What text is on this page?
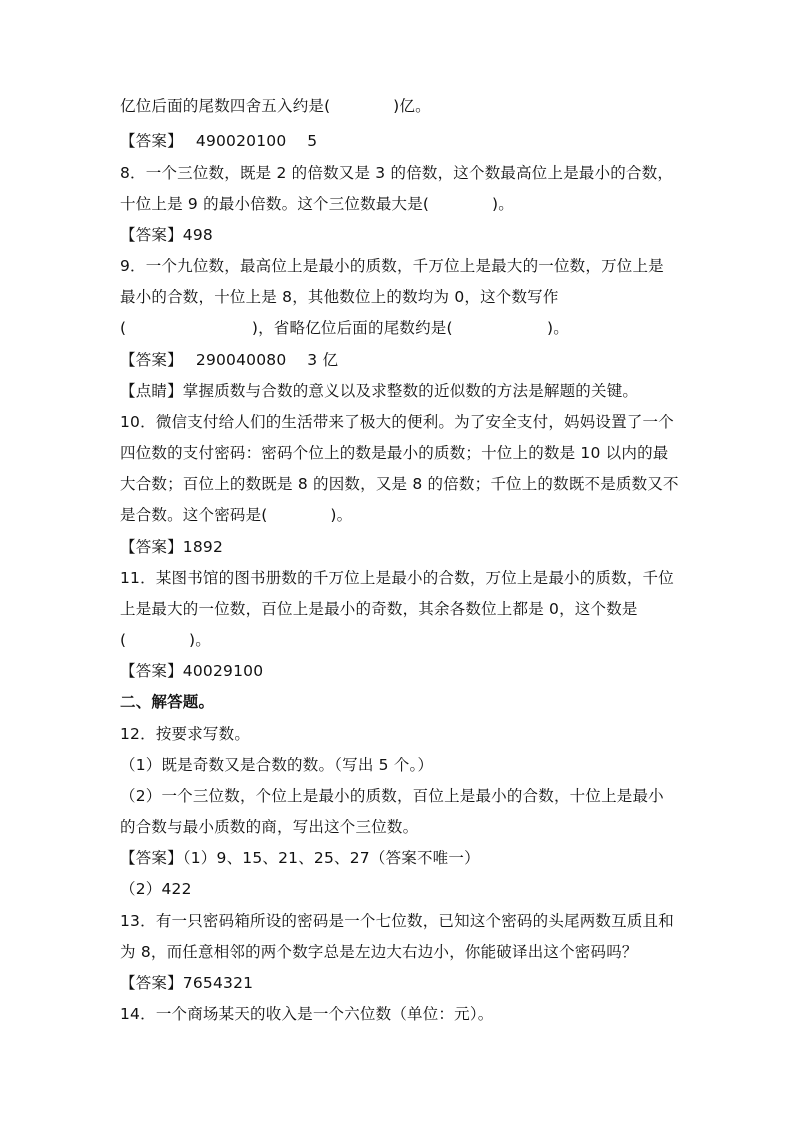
亿位后面的尾数四舍五入约是(　　　　)亿。
【答案】　 490020100　 5
8．一个三位数，既是 2 的倍数又是 3 的倍数，这个数最高位上是最小的合数，
十位上是 9 的最小倍数。这个三位数最大是(　　　　)。
【答案】498
9．一个九位数，最高位上是最小的质数，千万位上是最大的一位数，万位上是
最小的合数，十位上是 8，其他数位上的数均为 0，这个数写作
(　　　　　　　　)，省略亿位后面的尾数约是(　　　　　　)。
【答案】　 290040080　 3 亿
【点睛】掌握质数与合数的意义以及求整数的近似数的方法是解题的关键。
10．微信支付给人们的生活带来了极大的便利。为了安全支付，妈妈设置了一个
四位数的支付密码：密码个位上的数是最小的质数；十位上的数是 10 以内的最
大合数；百位上的数既是 8 的因数，又是 8 的倍数；千位上的数既不是质数又不
是合数。这个密码是(　　　　)。
【答案】1892
11．某图书馆的图书册数的千万位上是最小的合数，万位上是最小的质数，千位
上是最大的一位数，百位上是最小的奇数，其余各数位上都是 0，这个数是
(　　　　)。
【答案】40029100
二、解答题。
12．按要求写数。
（1）既是奇数又是合数的数。（写出 5 个。）
（2）一个三位数，个位上是最小的质数，百位上是最小的合数，十位上是最小
的合数与最小质数的商，写出这个三位数。
【答案】（1）9、15、21、25、27（答案不唯一）
（2）422
13．有一只密码箱所设的密码是一个七位数，已知这个密码的头尾两数互质且和
为 8，而任意相邻的两个数字总是左边大右边小，你能破译出这个密码吗？
【答案】7654321
14．一个商场某天的收入是一个六位数（单位：元）。
